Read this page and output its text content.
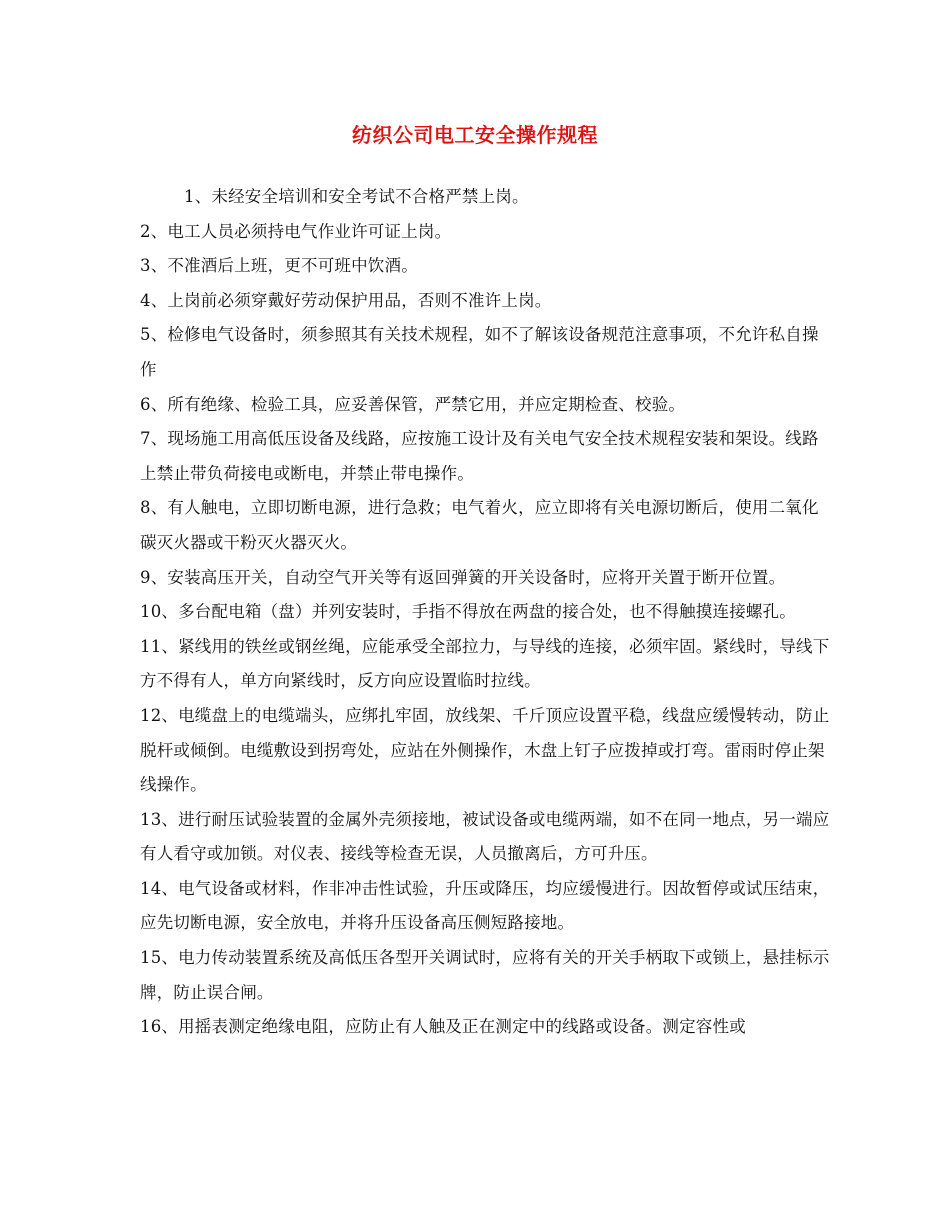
纺织公司电工安全操作规程

1、未经安全培训和安全考试不合格严禁上岗。

2、电工人员必须持电气作业许可证上岗。

3、不准酒后上班，更不可班中饮酒。

4、上岗前必须穿戴好劳动保护用品，否则不准许上岗。

5、检修电气设备时，须参照其有关技术规程，如不了解该设备规范注意事项，不允许私自操作

6、所有绝缘、检验工具，应妥善保管，严禁它用，并应定期检查、校验。

7、现场施工用高低压设备及线路，应按施工设计及有关电气安全技术规程安装和架设。线路上禁止带负荷接电或断电，并禁止带电操作。

8、有人触电，立即切断电源，进行急救；电气着火，应立即将有关电源切断后，使用二氧化碳灭火器或干粉灭火器灭火。

9、安装高压开关，自动空气开关等有返回弹簧的开关设备时，应将开关置于断开位置。

10、多台配电箱（盘）并列安装时，手指不得放在两盘的接合处，也不得触摸连接螺孔。

11、紧线用的铁丝或钢丝绳，应能承受全部拉力，与导线的连接，必须牢固。紧线时，导线下方不得有人，单方向紧线时，反方向应设置临时拉线。

12、电缆盘上的电缆端头，应绑扎牢固，放线架、千斤顶应设置平稳，线盘应缓慢转动，防止脱杆或倾倒。电缆敷设到拐弯处，应站在外侧操作，木盘上钉子应拨掉或打弯。雷雨时停止架线操作。

13、进行耐压试验装置的金属外壳须接地，被试设备或电缆两端，如不在同一地点，另一端应有人看守或加锁。对仪表、接线等检查无误，人员撤离后，方可升压。

14、电气设备或材料，作非冲击性试验，升压或降压，均应缓慢进行。因故暂停或试压结束，应先切断电源，安全放电，并将升压设备高压侧短路接地。

15、电力传动装置系统及高低压各型开关调试时，应将有关的开关手柄取下或锁上，悬挂标示牌，防止误合闸。

16、用摇表测定绝缘电阻，应防止有人触及正在测定中的线路或设备。测定容性或
